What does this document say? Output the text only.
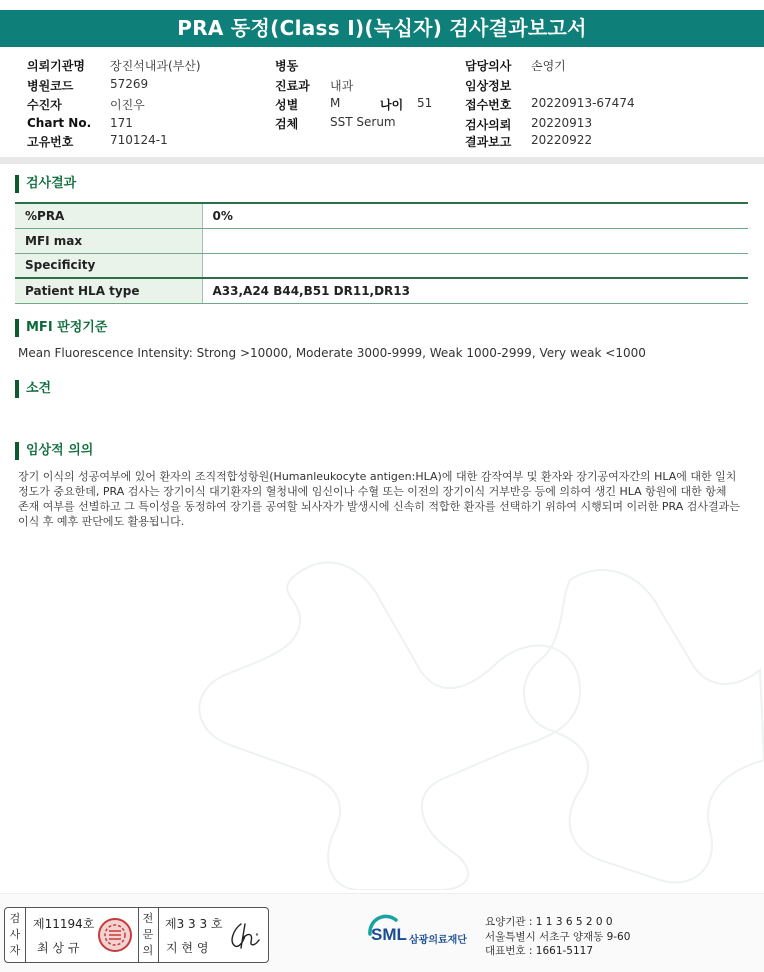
PRA 동정(Class I)(녹십자) 검사결과보고서
의뢰기관명 장진석내과(부산)
병원코드	57269
수진자	이진우
Chart No. 171
고유번호	710124-1
병동
진료과 내과
성별	M	나이 51
검체	SST Serum
담당의사 손영기
임상정보
접수번호 20220913-67474
검사의뢰 20220913
결과보고 20220922
검사결과
%PRA	0%
MFI max	
Specificity	
Patient HLA type	A33,A24 B44,B51 DR11,DR13
MFI 판정기준
Mean Fluorescence Intensity: Strong >10000, Moderate 3000-9999, Weak 1000-2999, Very weak <1000
소견
임상적 의의
장기 이식의 성공여부에 있어 환자의 조직적합성항원(Humanleukocyte antigen:HLA)에 대한 감작여부 및 환자와 장기공여자간의 HLA에 대한 일치
정도가 중요한데, PRA 검사는 장기이식 대기환자의 혈청내에 임신이나 수혈 또는 이전의 장기이식 거부반응 등에 의하여 생긴 HLA 항원에 대한 항체
존재 여부를 선별하고 그 특이성을 동정하여 장기를 공여할 뇌사자가 발생시에 신속히 적합한 환자를 선택하기 위하여 시행되며 이러한 PRA 검사결과는
이식 후 예후 판단에도 활용됩니다.
검
사
자
제11194호
최 상 규
전
문
의
제3 3 3 호
지 현 영
SML 삼광의료재단
요양기관 : 1 1 3 6 5 2 0 0
서울특별시 서초구 양재동 9-60
대표번호 : 1661-5117
